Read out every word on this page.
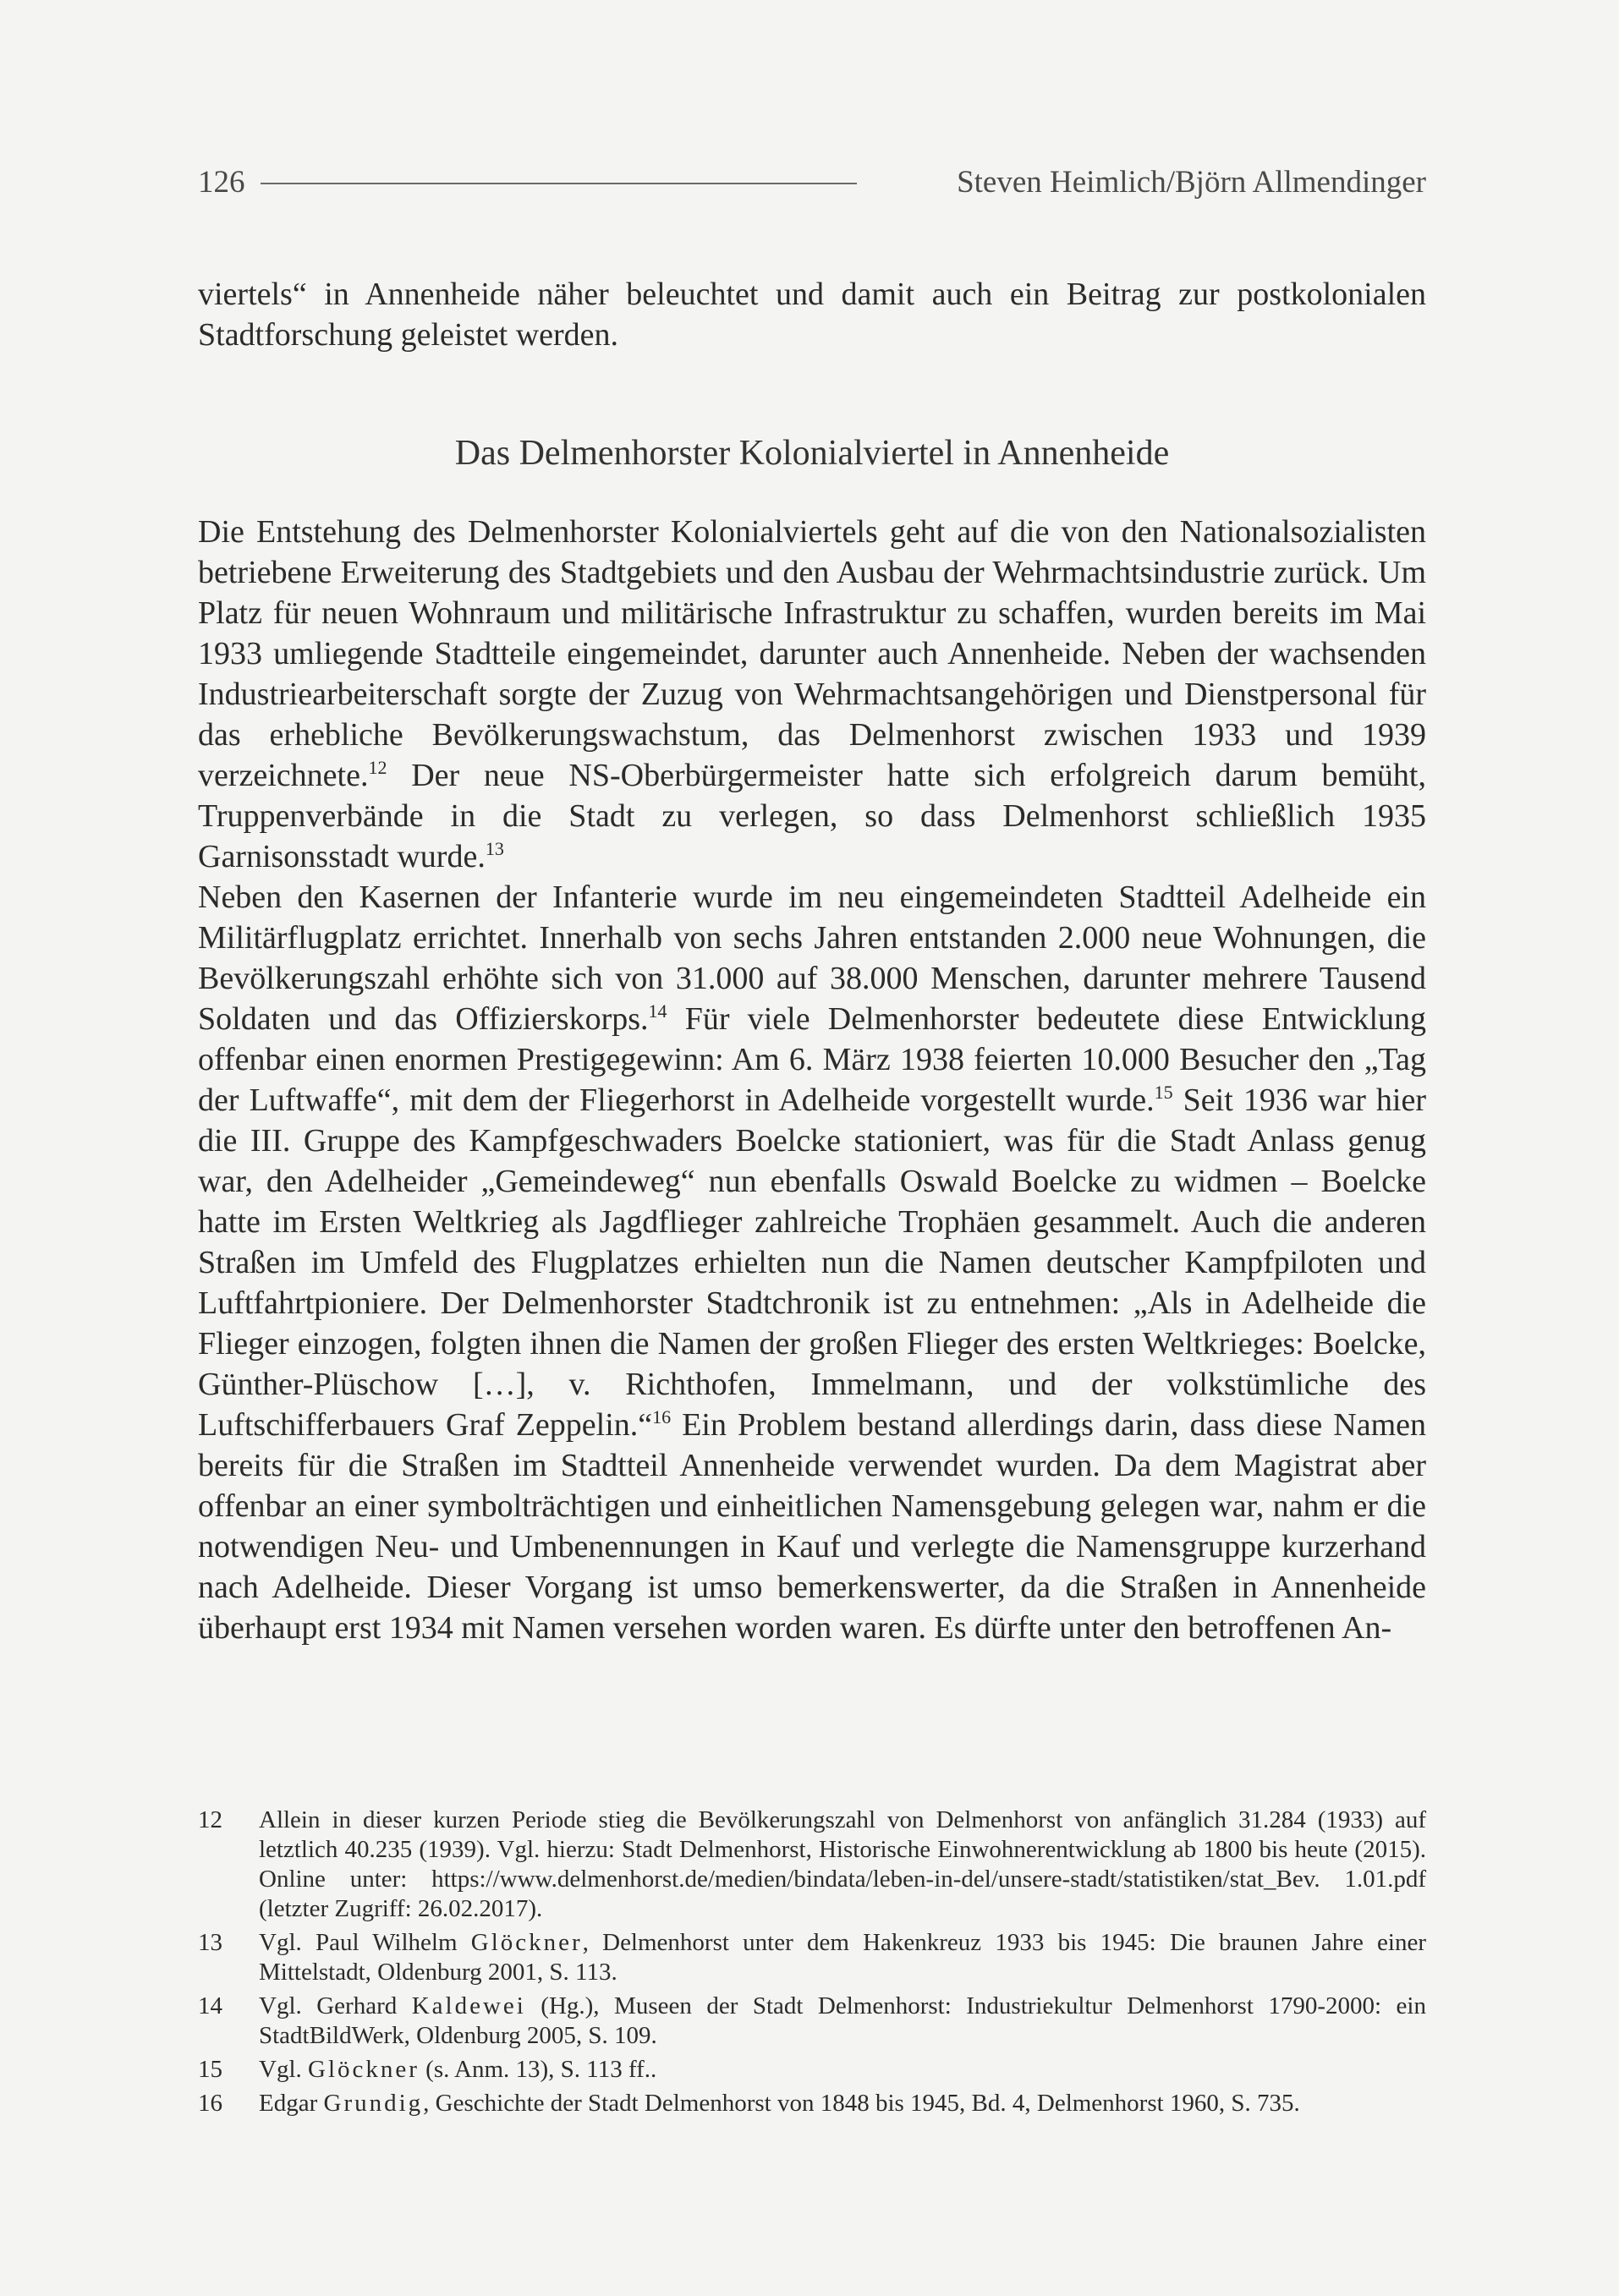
126	Steven Heimlich/Björn Allmendinger
viertels“ in Annenheide näher beleuchtet und damit auch ein Beitrag zur postkolonialen Stadtforschung geleistet werden.
Das Delmenhorster Kolonialviertel in Annenheide

Die Entstehung des Delmenhorster Kolonialviertels geht auf die von den Nationalsozialisten betriebene Erweiterung des Stadtgebiets und den Ausbau der Wehrmachtsindustrie zurück. Um Platz für neuen Wohnraum und militärische Infrastruktur zu schaffen, wurden bereits im Mai 1933 umliegende Stadtteile eingemeindet, darunter auch Annenheide. Neben der wachsenden Industriearbeiterschaft sorgte der Zuzug von Wehrmachtsangehörigen und Dienstpersonal für das erhebliche Bevölkerungswachstum, das Delmenhorst zwischen 1933 und 1939 verzeichnete.$^{12}$ Der neue NS-Oberbürgermeister hatte sich erfolgreich darum bemüht, Truppenverbände in die Stadt zu verlegen, so dass Delmenhorst schließlich 1935 Garnisonsstadt wurde.$^{13}$

Neben den Kasernen der Infanterie wurde im neu eingemeindeten Stadtteil Adelheide ein Militärflugplatz errichtet. Innerhalb von sechs Jahren entstanden 2.000 neue Wohnungen, die Bevölkerungszahl erhöhte sich von 31.000 auf 38.000 Menschen, darunter mehrere Tausend Soldaten und das Offizierskorps.$^{14}$ Für viele Delmenhorster bedeutete diese Entwicklung offenbar einen enormen Prestigegewinn: Am 6. März 1938 feierten 10.000 Besucher den „Tag der Luftwaffe“, mit dem der Fliegerhorst in Adelheide vorgestellt wurde.$^{15}$ Seit 1936 war hier die III. Gruppe des Kampfgeschwaders Boelcke stationiert, was für die Stadt Anlass genug war, den Adelheider „Gemeindeweg“ nun ebenfalls Oswald Boelcke zu widmen – Boelcke hatte im Ersten Weltkrieg als Jagdflieger zahlreiche Trophäen gesammelt. Auch die anderen Straßen im Umfeld des Flugplatzes erhielten nun die Namen deutscher Kampfpiloten und Luftfahrtpioniere. Der Delmenhorster Stadtchronik ist zu entnehmen: „Als in Adelheide die Flieger einzogen, folgten ihnen die Namen der großen Flieger des ersten Weltkrieges: Boelcke, Günther-Plüschow […], v. Richthofen, Immelmann, und der volkstümliche des Luftschifferbauers Graf Zeppelin.“$^{16}$ Ein Problem bestand allerdings darin, dass diese Namen bereits für die Straßen im Stadtteil Annenheide verwendet wurden. Da dem Magistrat aber offenbar an einer symbolträchtigen und einheitlichen Namensgebung gelegen war, nahm er die notwendigen Neu- und Umbenennungen in Kauf und verlegte die Namensgruppe kurzerhand nach Adelheide. Dieser Vorgang ist umso bemerkenswerter, da die Straßen in Annenheide überhaupt erst 1934 mit Namen versehen worden waren. Es dürfte unter den betroffenen An-

12	Allein in dieser kurzen Periode stieg die Bevölkerungszahl von Delmenhorst von anfänglich 31.284 (1933) auf letztlich 40.235 (1939). Vgl. hierzu: Stadt Delmenhorst, Historische Einwohnerentwicklung ab 1800 bis heute (2015). Online unter: https://www.delmenhorst.de/medien/bindata/leben-in-del/unsere-stadt/statistiken/stat_Bev. 1.01.pdf (letzter Zugriff: 26.02.2017).
13	Vgl. Paul Wilhelm Glöckner, Delmenhorst unter dem Hakenkreuz 1933 bis 1945: Die braunen Jahre einer Mittelstadt, Oldenburg 2001, S. 113.
14	Vgl. Gerhard Kaldewei (Hg.), Museen der Stadt Delmenhorst: Industriekultur Delmenhorst 1790-2000: ein StadtBildWerk, Oldenburg 2005, S. 109.
15	Vgl. Glöckner (s. Anm. 13), S. 113 ff..
16	Edgar Grundig, Geschichte der Stadt Delmenhorst von 1848 bis 1945, Bd. 4, Delmenhorst 1960, S. 735.
